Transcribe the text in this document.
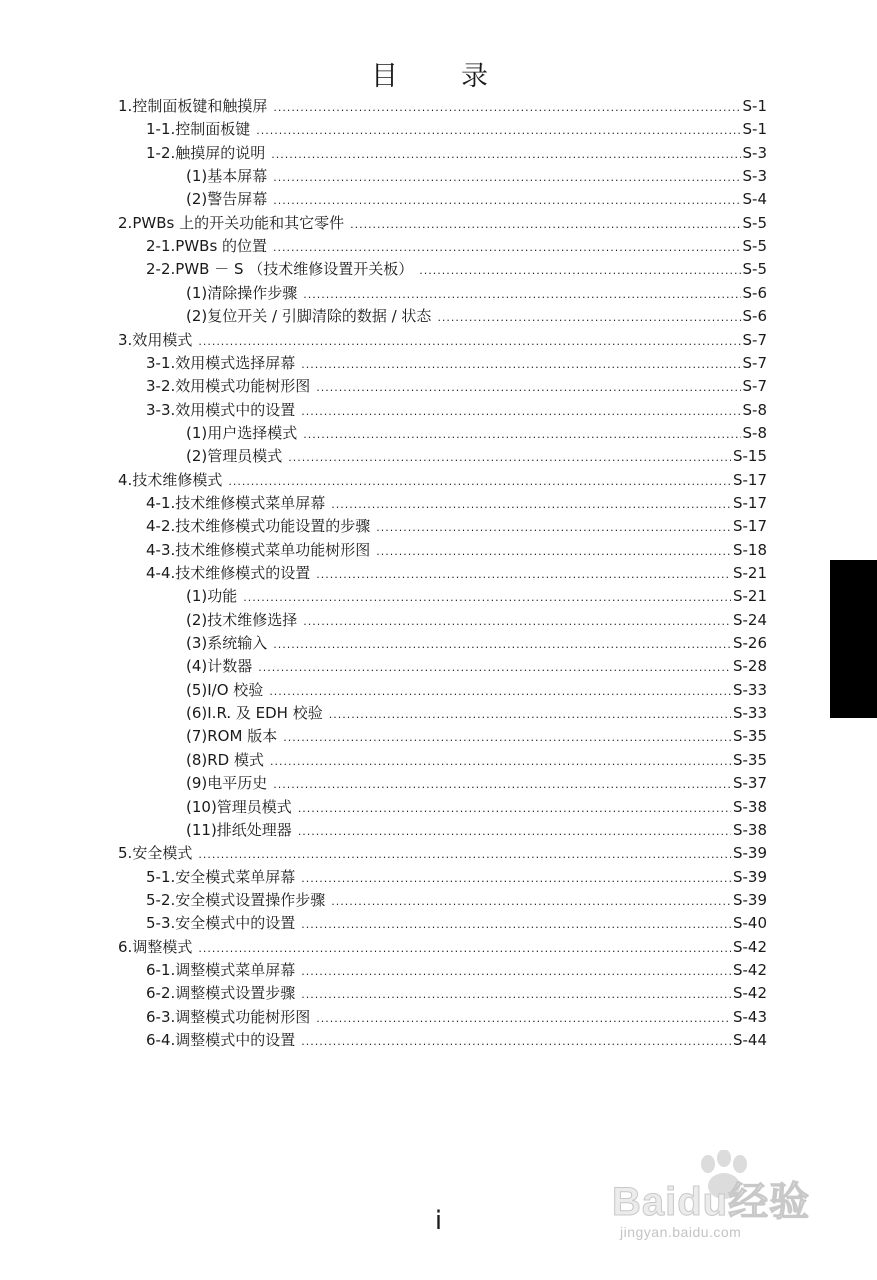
目　录
1. 控制面板键和触摸屏 .....	S-1
1-1. 控制面板键 .....	S-1
1-2. 触摸屏的说明 .....	S-3
(1) 基本屏幕 .....	S-3
(2) 警告屏幕 .....	S-4
2. PWBs 上的开关功能和其它零件 .....	S-5
2-1. PWBs 的位置 .....	S-5
2-2. PWB － S （技术维修设置开关板） .....	S-5
(1) 清除操作步骤 .....	S-6
(2) 复位开关 / 引脚清除的数据 / 状态 .....	S-6
3. 效用模式 .....	S-7
3-1. 效用模式选择屏幕 .....	S-7
3-2. 效用模式功能树形图 .....	S-7
3-3. 效用模式中的设置 .....	S-8
(1) 用户选择模式 .....	S-8
(2) 管理员模式 .....	S-15
4. 技术维修模式 .....	S-17
4-1. 技术维修模式菜单屏幕 .....	S-17
4-2. 技术维修模式功能设置的步骤 .....	S-17
4-3. 技术维修模式菜单功能树形图 .....	S-18
4-4. 技术维修模式的设置 .....	S-21
(1) 功能 .....	S-21
(2) 技术维修选择 .....	S-24
(3) 系统输入 .....	S-26
(4) 计数器 .....	S-28
(5) I/O 校验 .....	S-33
(6) I.R. 及 EDH 校验 .....	S-33
(7) ROM 版本 .....	S-35
(8) RD 模式 .....	S-35
(9) 电平历史 .....	S-37
(10) 管理员模式 .....	S-38
(11) 排纸处理器 .....	S-38
5. 安全模式 .....	S-39
5-1. 安全模式菜单屏幕 .....	S-39
5-2. 安全模式设置操作步骤 .....	S-39
5-3. 安全模式中的设置 .....	S-40
6. 调整模式 .....	S-42
6-1. 调整模式菜单屏幕 .....	S-42
6-2. 调整模式设置步骤 .....	S-42
6-3. 调整模式功能树形图 .....	S-43
6-4. 调整模式中的设置 .....	S-44
i	Baidu经验
jingyan.baidu.com
